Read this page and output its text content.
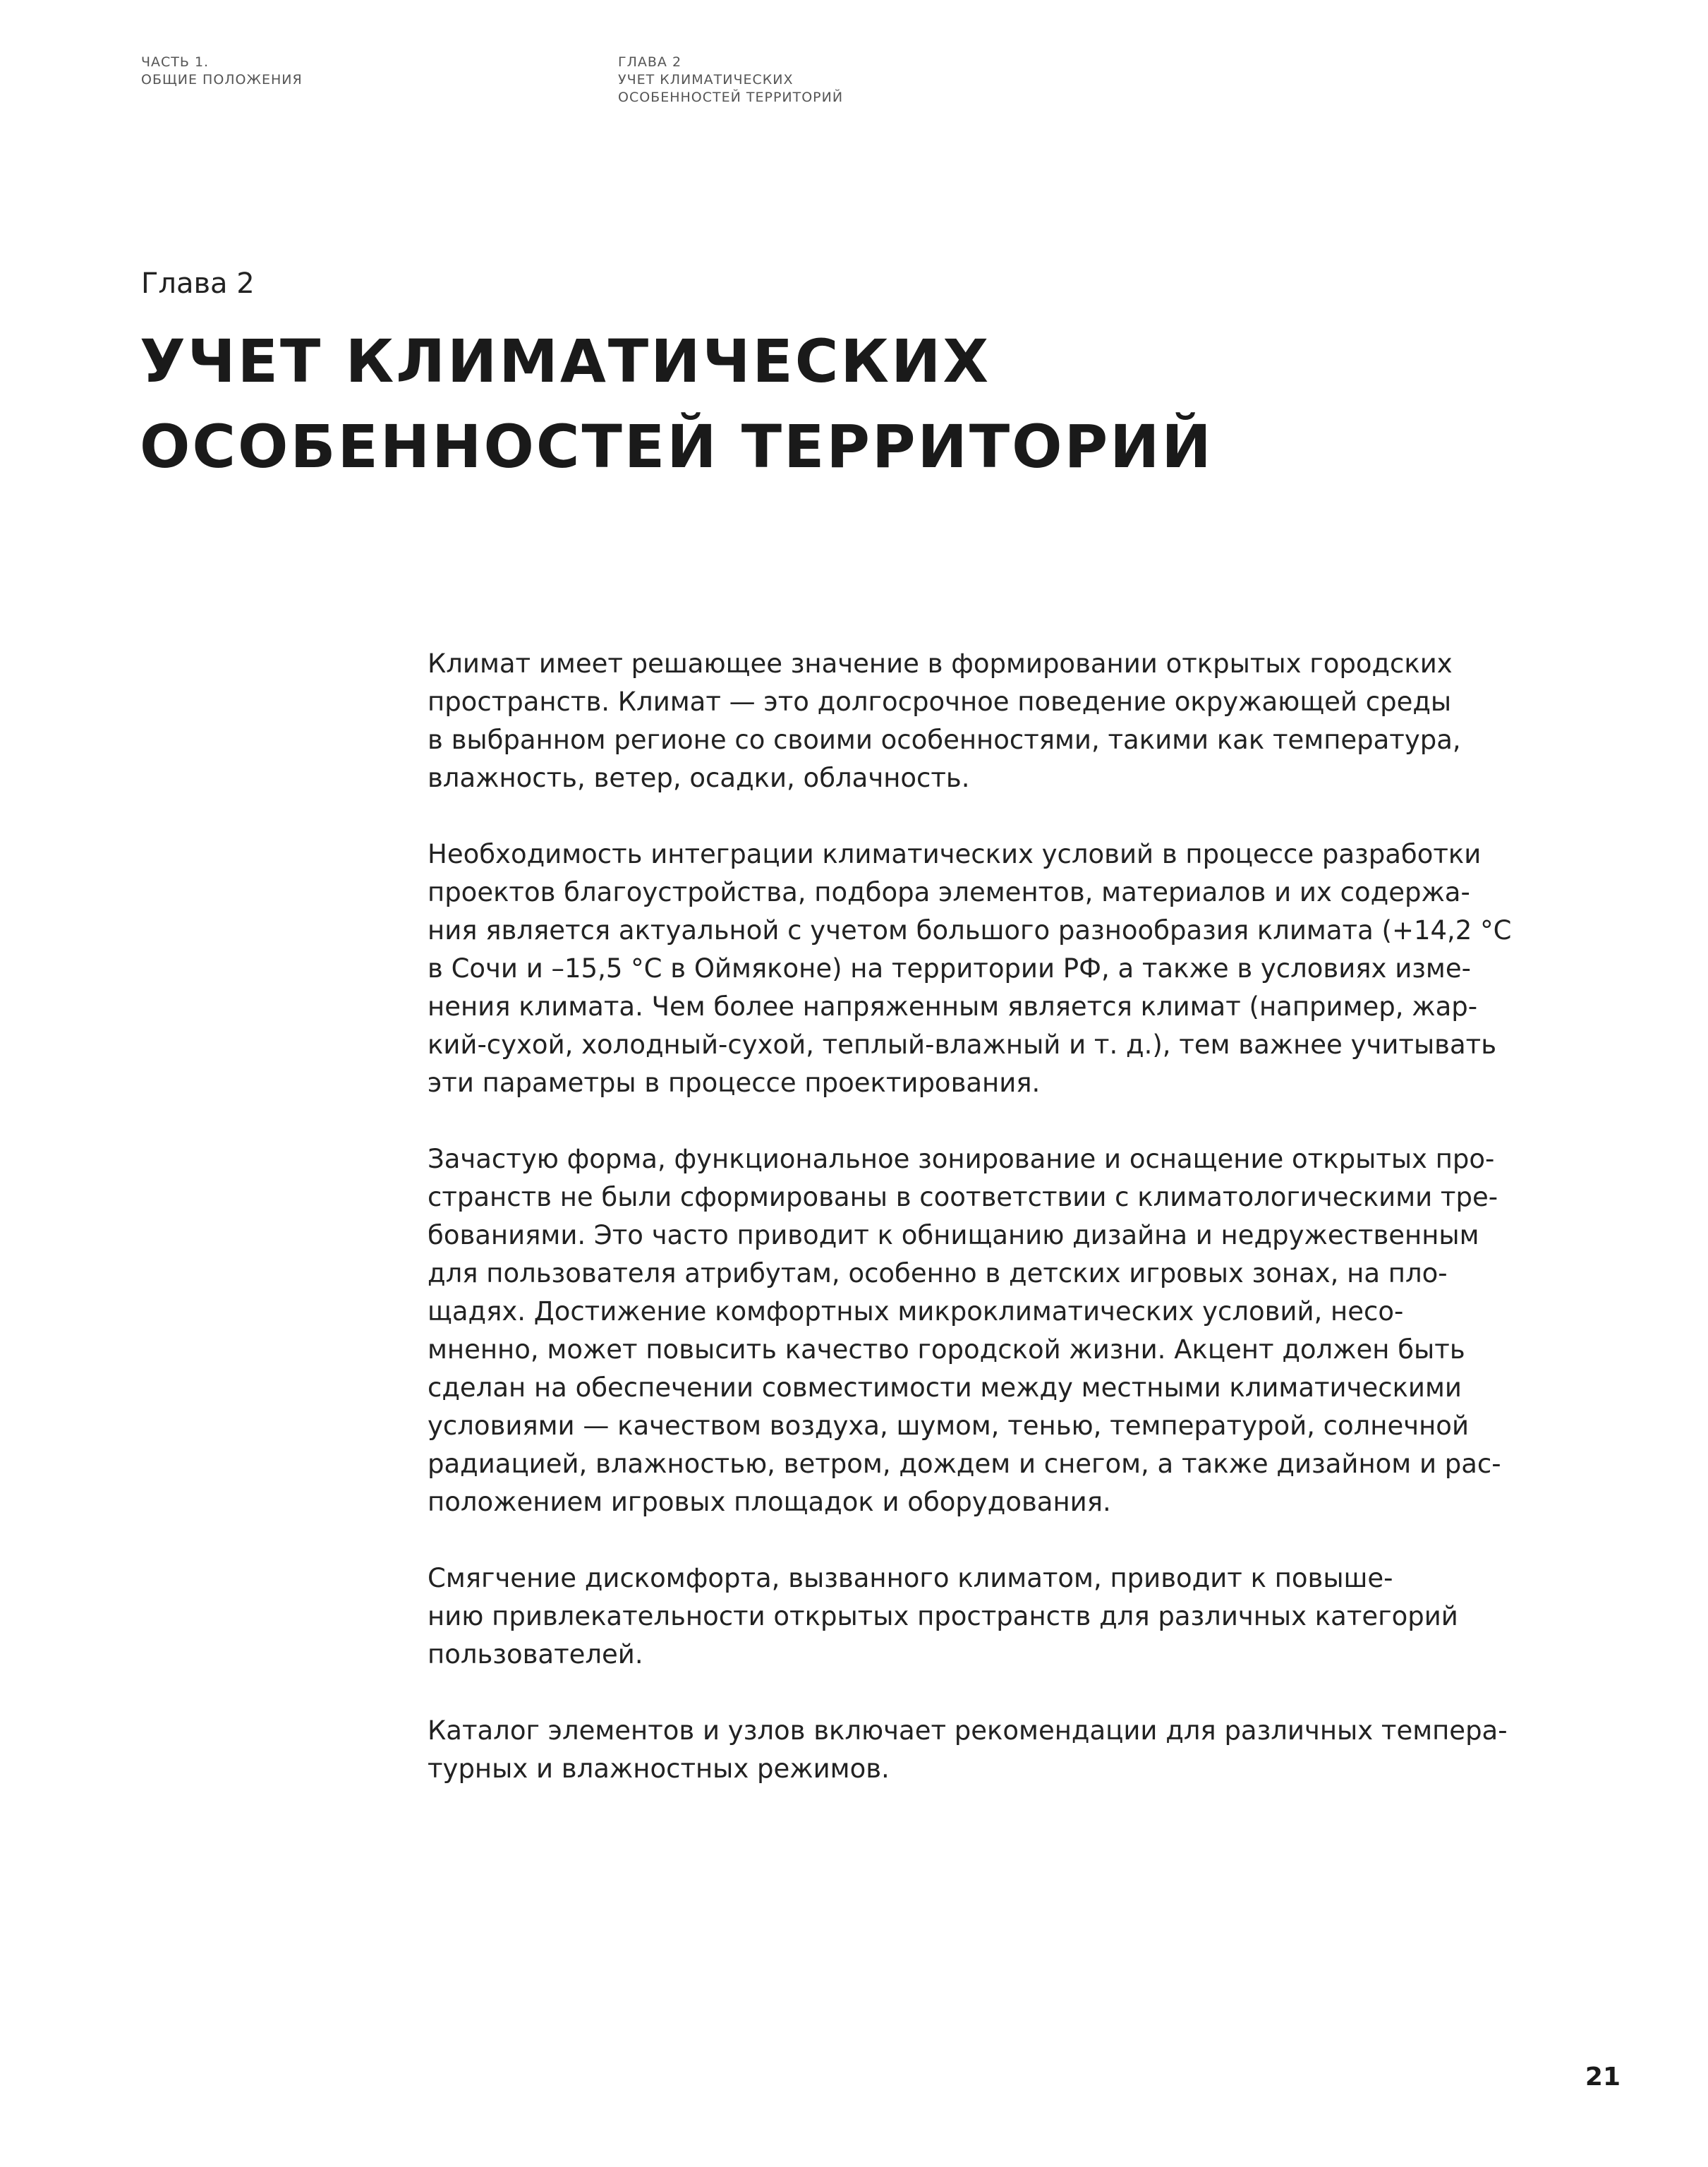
ЧАСТЬ 1.
ОБЩИЕ ПОЛОЖЕНИЯ
ГЛАВА 2
УЧЕТ КЛИМАТИЧЕСКИХ
ОСОБЕННОСТЕЙ ТЕРРИТОРИЙ
Глава 2
УЧЕТ КЛИМАТИЧЕСКИХ
ОСОБЕННОСТЕЙ ТЕРРИТОРИЙ

Климат имеет решающее значение в формировании открытых городских
пространств. Климат — это долгосрочное поведение окружающей среды
в выбранном регионе со своими особенностями, такими как температура,
влажность, ветер, осадки, облачность.

Необходимость интеграции климатических условий в процессе разработки
проектов благоустройства, подбора элементов, материалов и их содержа-
ния является актуальной с учетом большого разнообразия климата (+14,2 °C
в Сочи и –15,5 °C в Оймяконе) на территории РФ, а также в условиях изме-
нения климата. Чем более напряженным является климат (например, жар-
кий-сухой, холодный-сухой, теплый-влажный и т. д.), тем важнее учитывать
эти параметры в процессе проектирования.

Зачастую форма, функциональное зонирование и оснащение открытых про-
странств не были сформированы в соответствии с климатологическими тре-
бованиями. Это часто приводит к обнищанию дизайна и недружественным
для пользователя атрибутам, особенно в детских игровых зонах, на пло-
щадях. Достижение комфортных микроклиматических условий, несо-
мненно, может повысить качество городской жизни. Акцент должен быть
сделан на обеспечении совместимости между местными климатическими
условиями — качеством воздуха, шумом, тенью, температурой, солнечной
радиацией, влажностью, ветром, дождем и снегом, а также дизайном и рас-
положением игровых площадок и оборудования.

Смягчение дискомфорта, вызванного климатом, приводит к повыше-
нию привлекательности открытых пространств для различных категорий
пользователей.

Каталог элементов и узлов включает рекомендации для различных темпера-
турных и влажностных режимов.

21
